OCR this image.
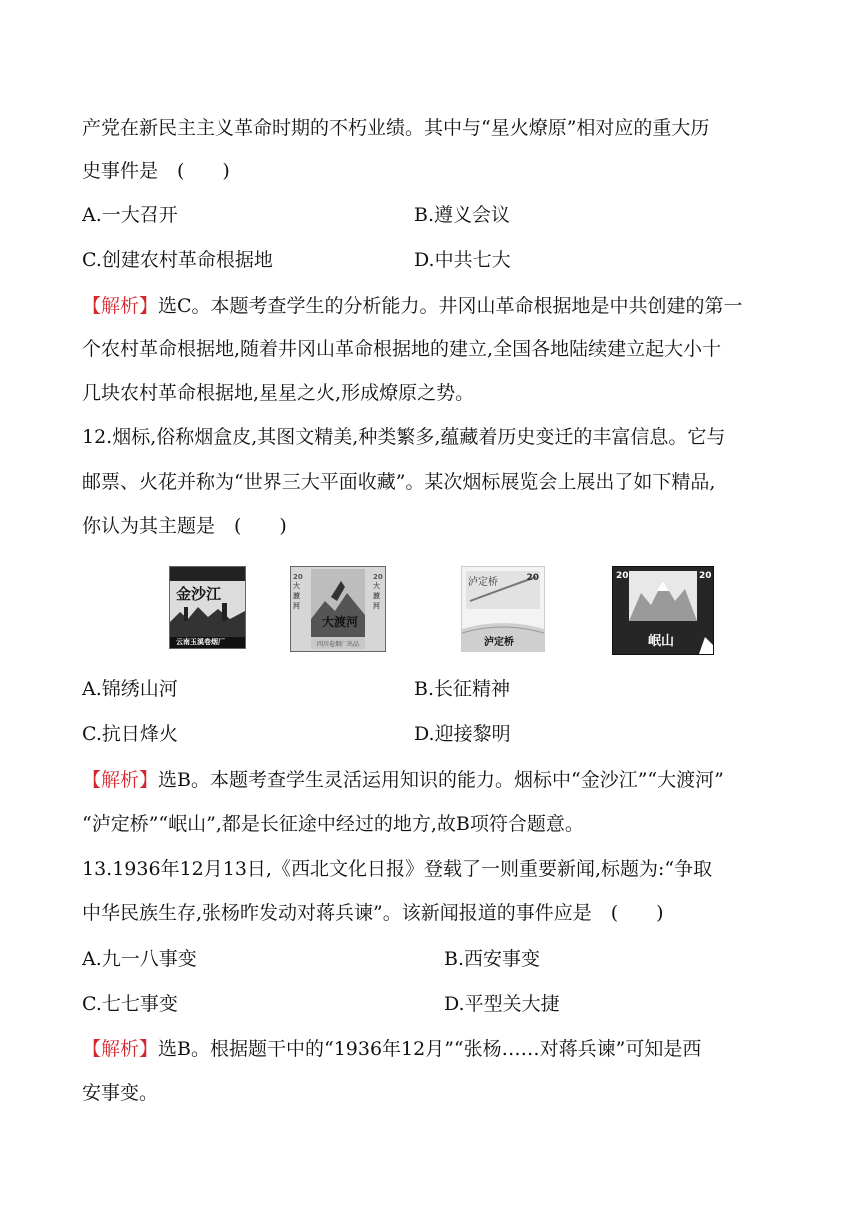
产党在新民主主义革命时期的不朽业绩。其中与“星火燎原”相对应的重大历
史事件是　(　　)
A.一大召开	B.遵义会议
C.创建农村革命根据地	D.中共七大
【解析】选C。本题考查学生的分析能力。井冈山革命根据地是中共创建的第一
个农村革命根据地,随着井冈山革命根据地的建立,全国各地陆续建立起大小十
几块农村革命根据地,星星之火,形成燎原之势。
12.烟标,俗称烟盒皮,其图文精美,种类繁多,蕴藏着历史变迁的丰富信息。它与
邮票、火花并称为“世界三大平面收藏”。某次烟标展览会上展出了如下精品,
你认为其主题是　(　　)
金沙江
云南玉溪卷烟厂
20 大渡河
20 大渡河
大渡河
四川卷烟厂出品
泸定桥	20
泸定桥
20	20
岷山
A.锦绣山河	B.长征精神
C.抗日烽火	D.迎接黎明
【解析】选B。本题考查学生灵活运用知识的能力。烟标中“金沙江”“大渡河”
“泸定桥”“岷山”,都是长征途中经过的地方,故B项符合题意。
13.1936年12月13日,《西北文化日报》登载了一则重要新闻,标题为:“争取
中华民族生存,张杨昨发动对蒋兵谏”。该新闻报道的事件应是　(　　)
A.九一八事变	B.西安事变
C.七七事变	D.平型关大捷
【解析】选B。根据题干中的“1936年12月”“张杨……对蒋兵谏”可知是西
安事变。
